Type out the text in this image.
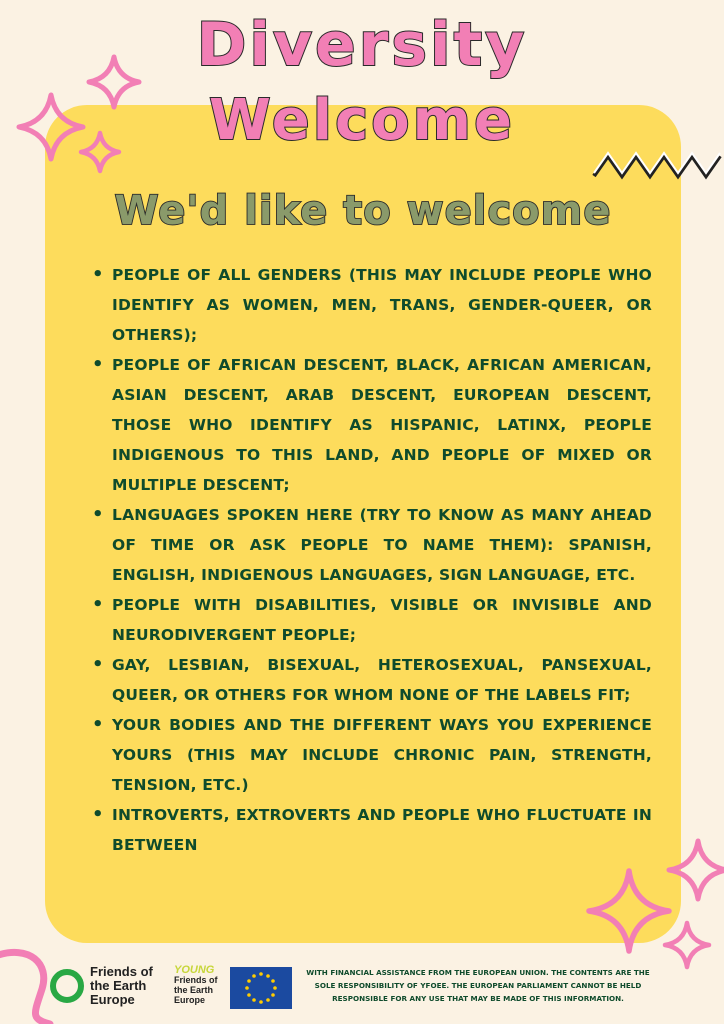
Diversity
Welcome
We'd like to welcome
• PEOPLE OF ALL GENDERS (THIS MAY INCLUDE PEOPLE WHO IDENTIFY AS WOMEN, MEN, TRANS, GENDER-QUEER, OR OTHERS);
• PEOPLE OF AFRICAN DESCENT, BLACK, AFRICAN AMERICAN, ASIAN DESCENT, ARAB DESCENT, EUROPEAN DESCENT, THOSE WHO IDENTIFY AS HISPANIC, LATINX, PEOPLE INDIGENOUS TO THIS LAND, AND PEOPLE OF MIXED OR MULTIPLE DESCENT;
• LANGUAGES SPOKEN HERE (TRY TO KNOW AS MANY AHEAD OF TIME OR ASK PEOPLE TO NAME THEM): SPANISH, ENGLISH, INDIGENOUS LANGUAGES, SIGN LANGUAGE, ETC.
• PEOPLE WITH DISABILITIES, VISIBLE OR INVISIBLE AND NEURODIVERGENT PEOPLE;
• GAY, LESBIAN, BISEXUAL, HETEROSEXUAL, PANSEXUAL, QUEER, OR OTHERS FOR WHOM NONE OF THE LABELS FIT;
• YOUR BODIES AND THE DIFFERENT WAYS YOU EXPERIENCE YOURS (THIS MAY INCLUDE CHRONIC PAIN, STRENGTH, TENSION, ETC.)
• INTROVERTS, EXTROVERTS AND PEOPLE WHO FLUCTUATE IN BETWEEN
Friends of
the Earth
Europe
YOUNG
Friends of
the Earth
Europe
WITH FINANCIAL ASSISTANCE FROM THE EUROPEAN UNION. THE CONTENTS ARE THE SOLE RESPONSIBILITY OF YFOEE. THE EUROPEAN PARLIAMENT CANNOT BE HELD RESPONSIBLE FOR ANY USE THAT MAY BE MADE OF THIS INFORMATION.
